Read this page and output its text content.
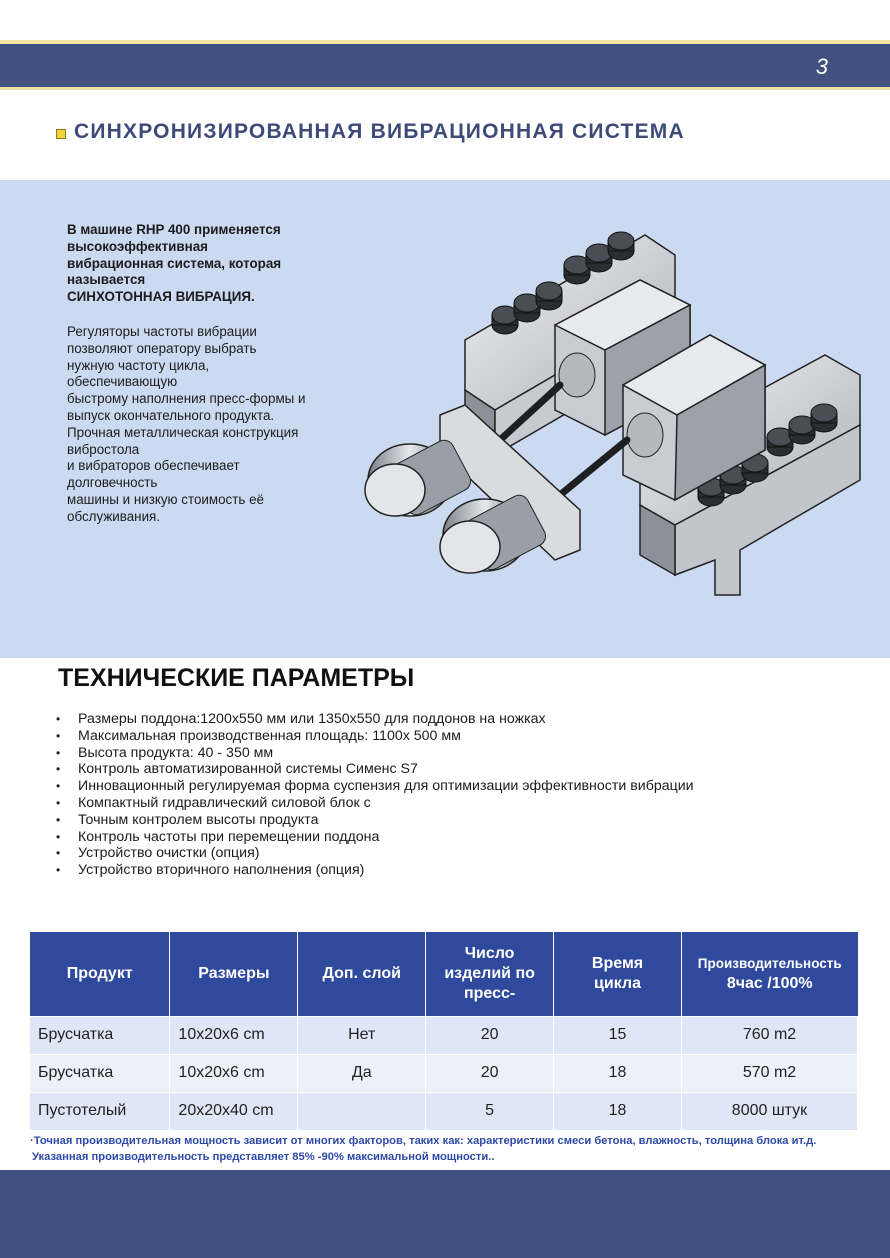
3
СИНХРОНИЗИРОВАННАЯ ВИБРАЦИОННАЯ СИСТЕМА

В машине RHP 400 применяется
высокоэффективная
вибрационная система, которая
называется
СИНХОТОННАЯ ВИБРАЦИЯ.

Регуляторы частоты вибрации
позволяют оператору выбрать
нужную частоту цикла,
обеспечивающую
быстрому наполнения пресс-формы и
выпуск окончательного продукта.
Прочная металлическая конструкция
вибростола
и вибраторов обеспечивает
долговечность
машины и низкую стоимость её
обслуживания.

ТЕХНИЧЕСКИЕ ПАРАМЕТРЫ
•	Размеры поддона:1200x550 мм или 1350x550 для поддонов на ножках
•	Максимальная производственная площадь: 1100x 500 мм
•	Высота продукта: 40 - 350 мм
•	Контроль автоматизированной системы Сименс S7
•	Инновационный регулируемая форма суспензия для оптимизации эффективности вибрации
•	Компактный гидравлический силовой блок с
•	Точным контролем высоты продукта
•	Контроль частоты при перемещении поддона
•	Устройство очистки (опция)
•	Устройство вторичного наполнения (опция)
Продукт	Размеры	Доп. слой	Число изделий по пресс-	Время цикла	Производительность
8час /100%

Брусчатка	10x20x6 cm	Нет	20	15	760 m2
Брусчатка	10x20x6 cm	Да	20	18	570 m2
Пустотелый	20x20x40 cm		5	18	8000 штук
·Точная производительная мощность зависит от многих факторов, таких как: характеристики смеси бетона, влажность, толщина блока ит.д.

Указанная производительность представляет 85% -90% максимальной мощности..
